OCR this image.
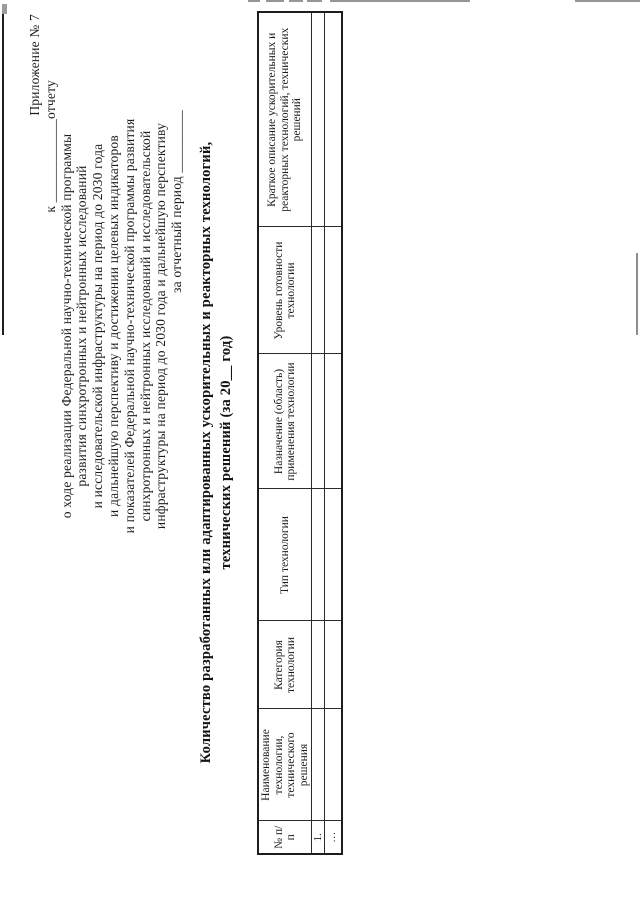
Приложение № 7
к ____________отчету о ходе реализации Федеральной научно-технической программы развития синхротронных и нейтронных исследований и исследовательской инфраструктуры на период до 2030 года и дальнейшую перспективу и достижении целевых индикаторов и показателей Федеральной научно-технической программы развития синхротронных и нейтронных исследований и исследовательской инфраструктуры на период до 2030 года и дальнейшую перспективу за отчетный период _________ Количество разработанных или адаптированных ускорительных и реакторных технологий, технических решений (за 20__ год)
№ п/п	Наименование технологии, технического решения	Категория технологии	Тип технологии	Назначение (область) применения технологии	Уровень готовности технологии	Краткое описание ускорительных и реакторных технологий, технических решений
1.						
…						
